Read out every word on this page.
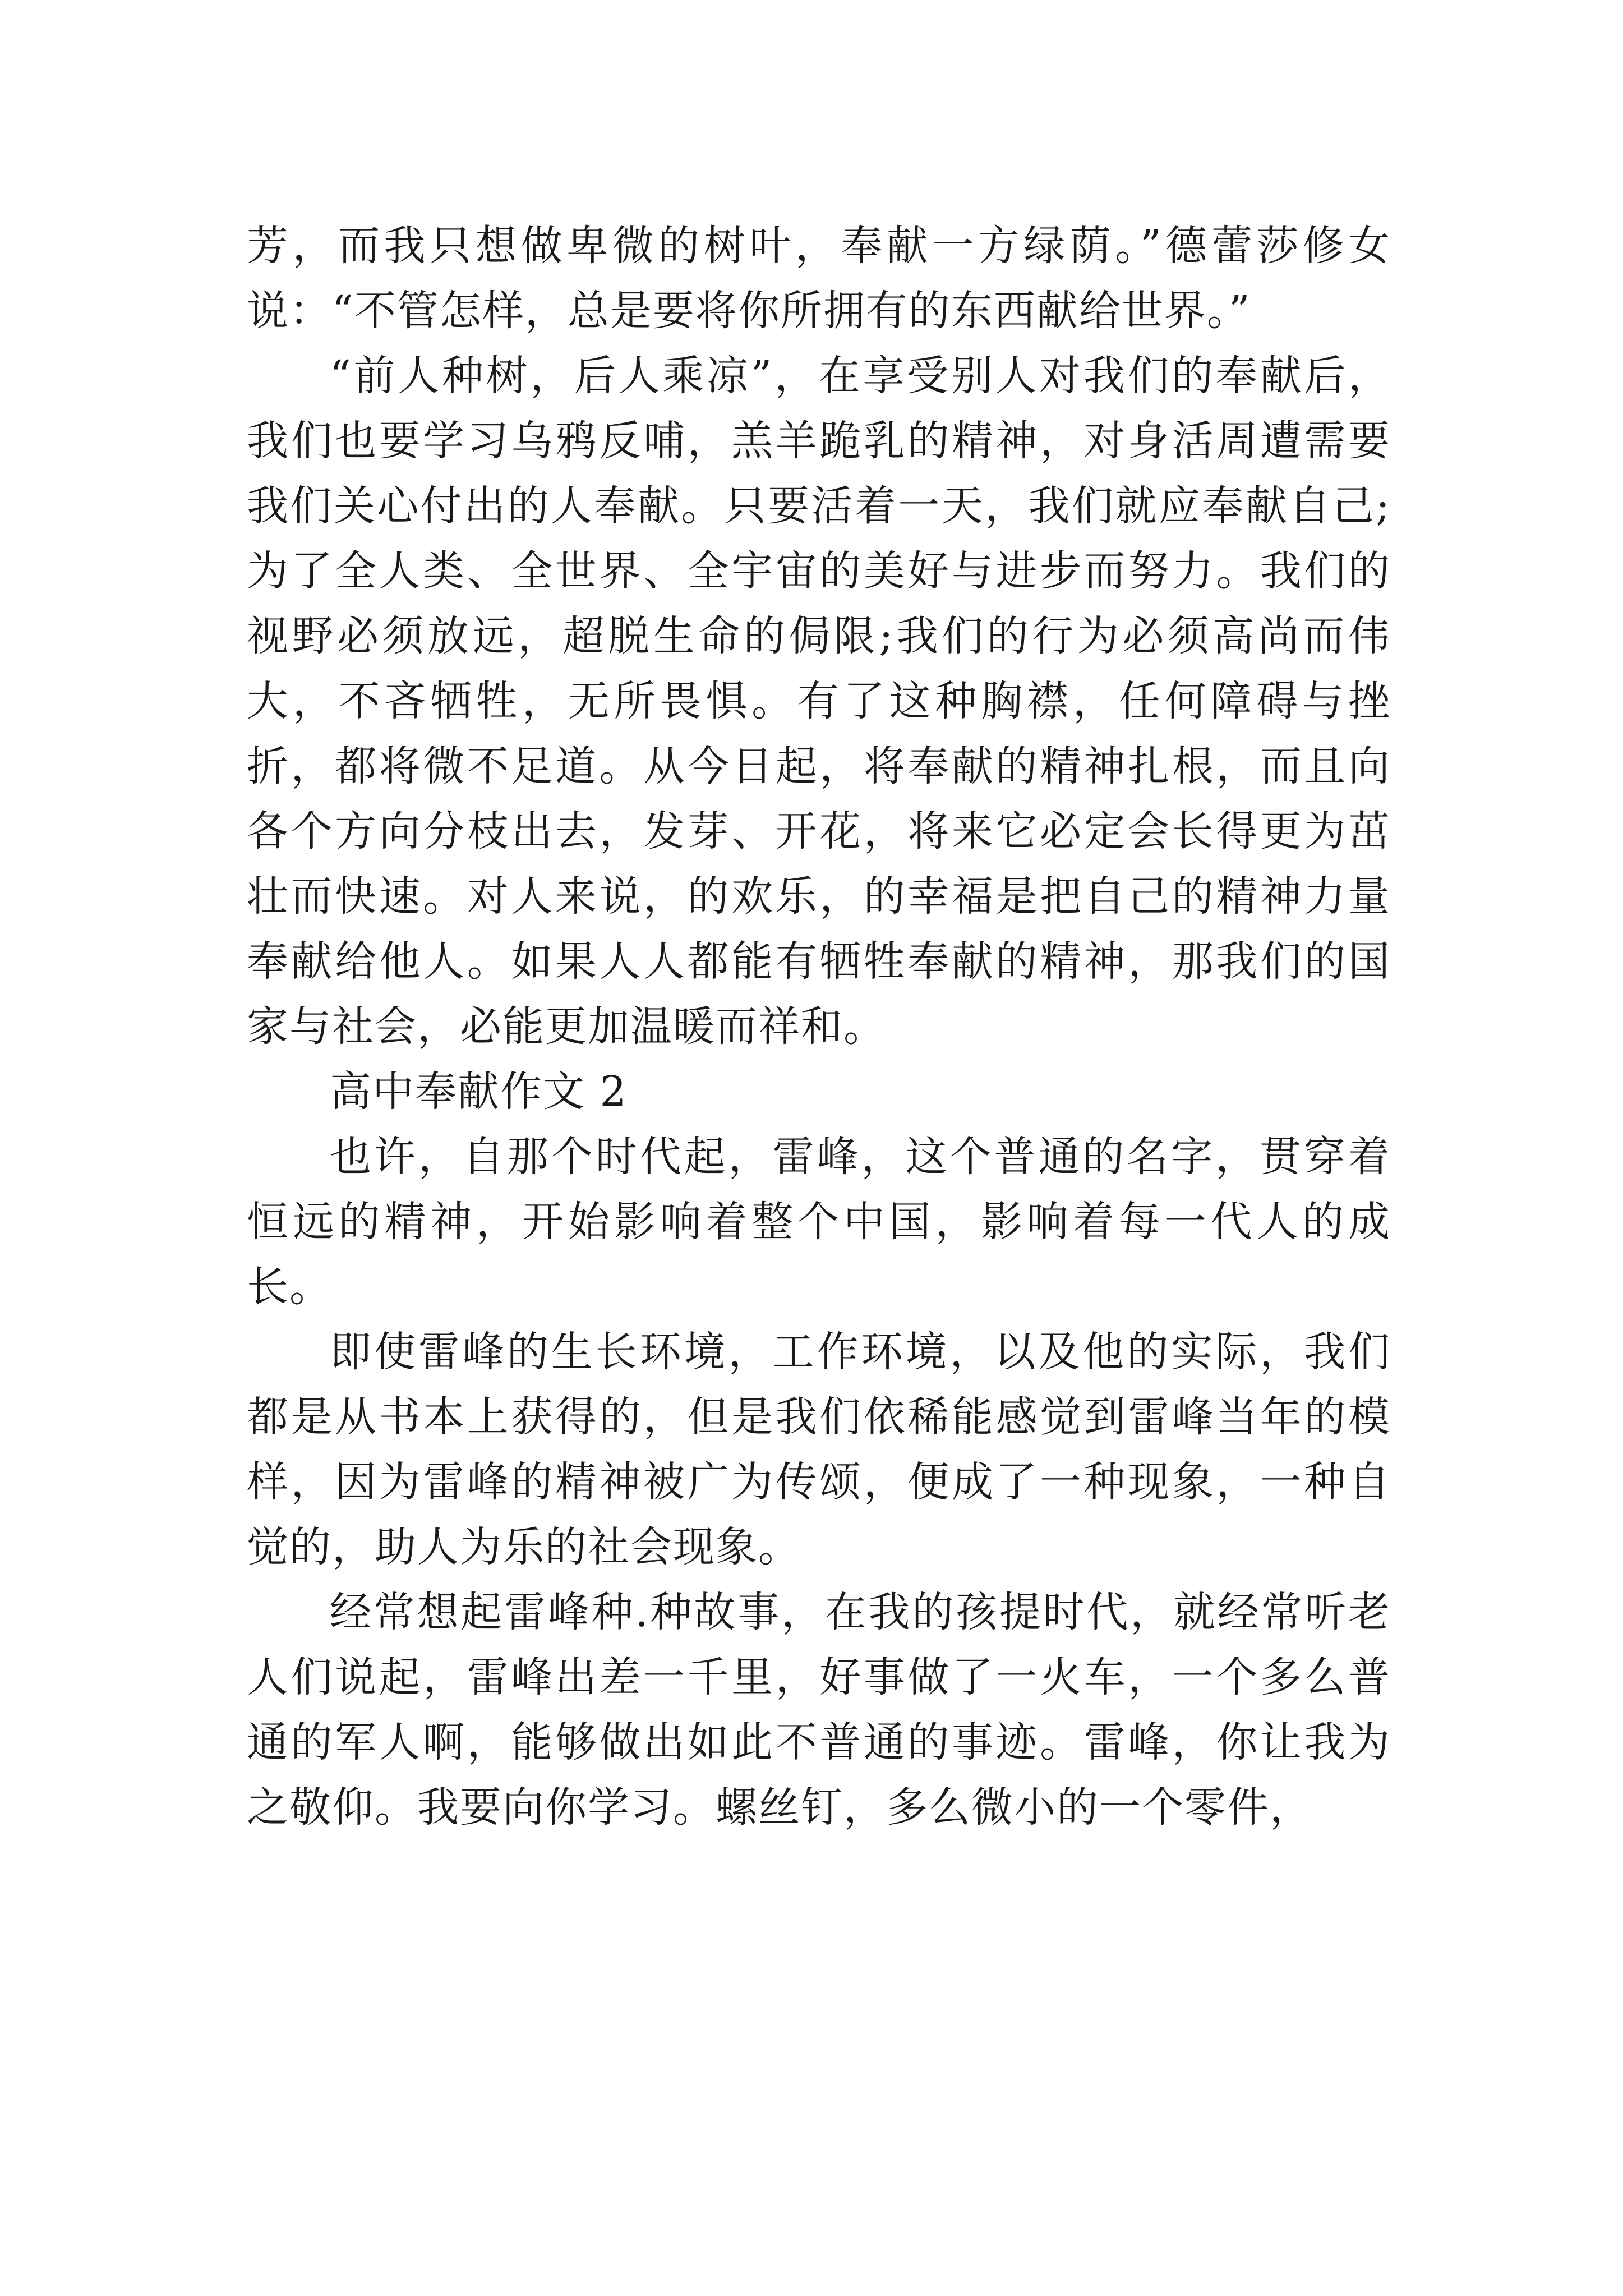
芳，而我只想做卑微的树叶，奉献一方绿荫。”德蕾莎修女说：“不管怎样，总是要将你所拥有的东西献给世界。”

“前人种树，后人乘凉”，在享受别人对我们的奉献后，我们也要学习乌鸦反哺，羔羊跪乳的精神，对身活周遭需要我们关心付出的人奉献。只要活着一天，我们就应奉献自己;为了全人类、全世界、全宇宙的美好与进步而努力。我们的视野必须放远，超脱生命的侷限;我们的行为必须高尚而伟大，不吝牺牲，无所畏惧。有了这种胸襟，任何障碍与挫折，都将微不足道。从今日起，将奉献的精神扎根，而且向各个方向分枝出去，发芽、开花，将来它必定会长得更为茁壮而快速。对人来说，的欢乐，的幸福是把自己的精神力量奉献给他人。如果人人都能有牺牲奉献的精神，那我们的国家与社会，必能更加温暖而祥和。

高中奉献作文 2

也许，自那个时代起，雷峰，这个普通的名字，贯穿着恒远的精神，开始影响着整个中国，影响着每一代人的成长。

即使雷峰的生长环境，工作环境，以及他的实际，我们都是从书本上获得的，但是我们依稀能感觉到雷峰当年的模样，因为雷峰的精神被广为传颂，便成了一种现象，一种自觉的，助人为乐的社会现象。

经常想起雷峰种.种故事，在我的孩提时代，就经常听老人们说起，雷峰出差一千里，好事做了一火车，一个多么普通的军人啊，能够做出如此不普通的事迹。雷峰，你让我为之敬仰。我要向你学习。螺丝钉，多么微小的一个零件，
